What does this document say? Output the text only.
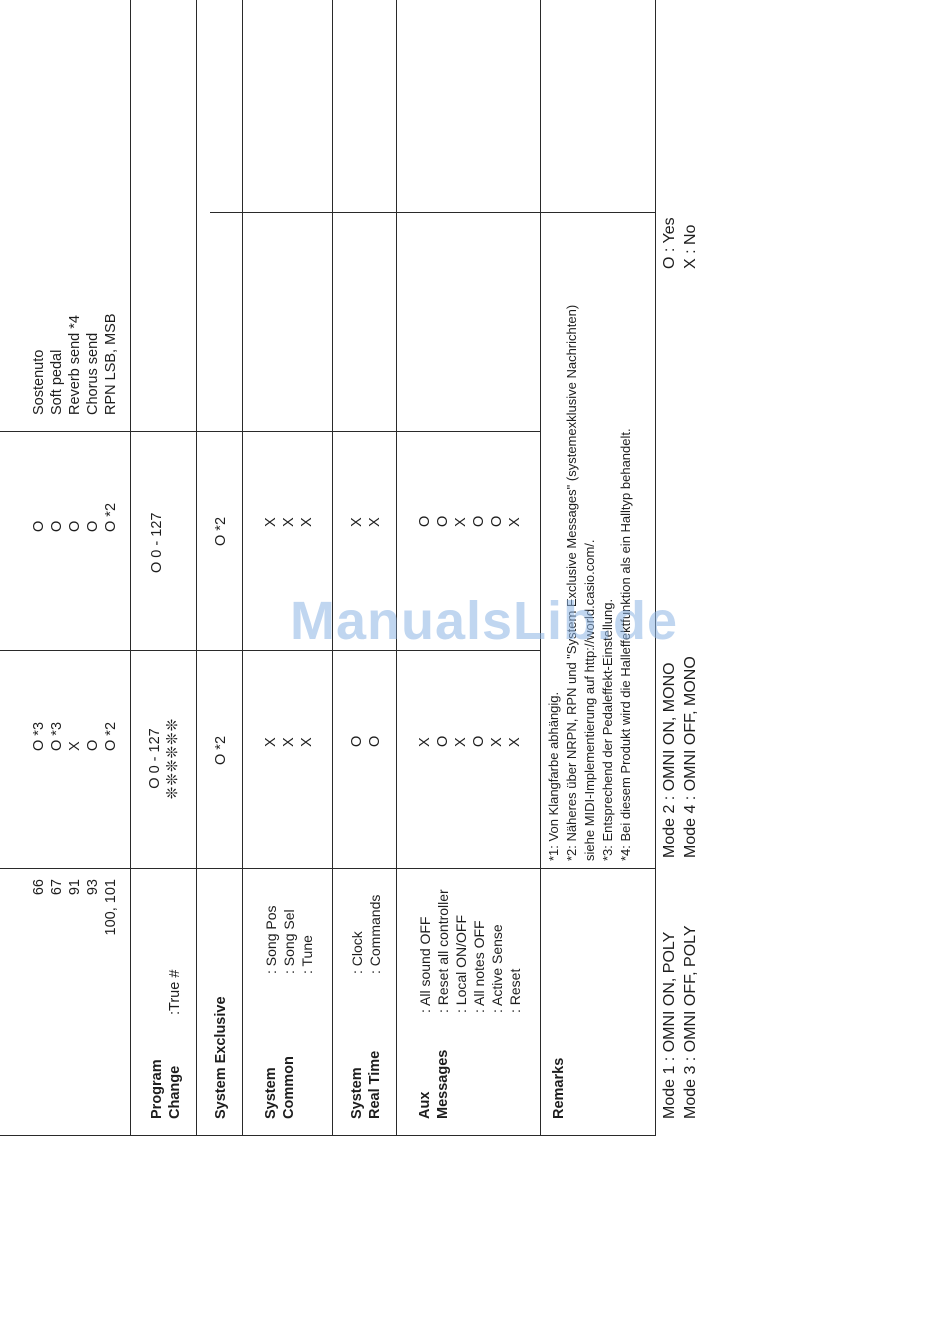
66 67 91 93 100, 101
O *3 O *3 X O O *2
O O O O O *2
Sostenuto Soft pedal Reverb send *4 Chorus send RPN LSB, MSB
Program Change
:True #
O 0 - 127 ❊❊❊❊❊❊
O 0 - 127
System Exclusive
O *2
O *2
System Common
: Song Pos : Song Sel : Tune
X X X
X X X
System Real Time
: Clock : Commands
O O
X X
Aux Messages
: All sound OFF : Reset all controller : Local ON/OFF : All notes OFF : Active Sense : Reset
X O X O X X
O O X O O X
Remarks
*1: Von Klangfarbe abhängig. *2: Näheres über NRPN, RPN und "System Exclusive Messages" (systemexklusive Nachrichten) siehe MIDI-Implementierung auf http://world.casio.com/. *3: Entsprechend der Pedaleffekt-Einstellung. *4: Bei diesem Produkt wird die Halleffektfunktion als ein Halltyp behandelt.
Mode 1 : OMNI ON, POLY Mode 3 : OMNI OFF, POLY
Mode 2 : OMNI ON, MONO Mode 4 : OMNI OFF, MONO
O : Yes X : No
ManualsLib.de
